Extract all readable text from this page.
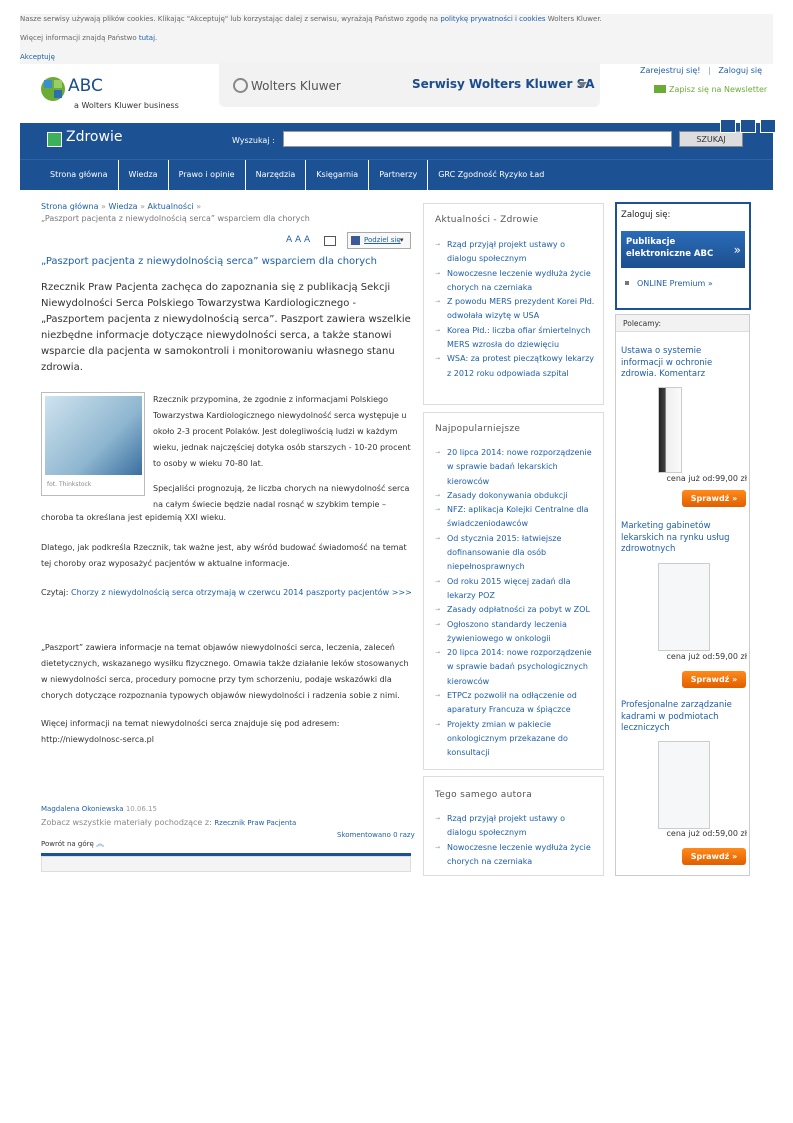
Nasze serwisy używają plików cookies. Klikając "Akceptuję" lub korzystając dalej z serwisu, wyrażają Państwo zgodę na politykę prywatności i cookies Wolters Kluwer.

Więcej informacji znajdą Państwo tutaj.

Akceptuję

ABC
a Wolters Kluwer business
Wolters Kluwer	Serwisy Wolters Kluwer SA
Zarejestruj się! | Zaloguj się
Zapisz się na Newsletter
Zdrowie	Wyszukaj :	SZUKAJ
Strona główna	Wiedza	Prawo i opinie	Narzędzia	Księgarnia	Partnerzy	GRC Zgodność Ryzyko Ład
Strona główna » Wiedza » Aktualności »
„Paszport pacjenta z niewydolnością serca” wsparciem dla chorych
A A A	Podziel się ▾
„Paszport pacjenta z niewydolnością serca” wsparciem dla chorych
Rzecznik Praw Pacjenta zachęca do zapoznania się z publikacją Sekcji Niewydolności Serca Polskiego Towarzystwa Kardiologicznego - „Paszportem pacjenta z niewydolnością serca”. Paszport zawiera wszelkie niezbędne informacje dotyczące niewydolności serca, a także stanowi wsparcie dla pacjenta w samokontroli i monitorowaniu własnego stanu zdrowia.
fot. Thinkstock

Rzecznik przypomina, że zgodnie z informacjami Polskiego Towarzystwa Kardiologicznego niewydolność serca występuje u około 2-3 procent Polaków. Jest dolegliwością ludzi w każdym wieku, jednak najczęściej dotyka osób starszych - 10-20 procent to osoby w wieku 70-80 lat.

Specjaliści prognozują, że liczba chorych na niewydolność serca na całym świecie będzie nadal rosnąć w szybkim tempie –

choroba ta określana jest epidemią XXI wieku.

Dlatego, jak podkreśla Rzecznik, tak ważne jest, aby wśród budować świadomość na temat tej choroby oraz wyposażyć pacjentów w aktualne informacje.

Czytaj: Chorzy z niewydolnością serca otrzymają w czerwcu 2014 paszporty pacjentów >>>

„Paszport” zawiera informacje na temat objawów niewydolności serca, leczenia, zaleceń dietetycznych, wskazanego wysiłku fizycznego. Omawia także działanie leków stosowanych w niewydolności serca, procedury pomocne przy tym schorzeniu, podaje wskazówki dla chorych dotyczące rozpoznania typowych objawów niewydolności i radzenia sobie z nimi.

Więcej informacji na temat niewydolności serca znajduje się pod adresem:

http://niewydolnosc-serca.pl
Magdalena Okoniewska 10.06.15
Zobacz wszystkie materiały pochodzące z: Rzecznik Praw Pacjenta
Skomentowano 0 razy
Powrót na górę ︽
Aktualności - Zdrowie
→ Rząd przyjął projekt ustawy o dialogu społecznym
→ Nowoczesne leczenie wydłuża życie chorych na czerniaka
→ Z powodu MERS prezydent Korei Płd. odwołała wizytę w USA
→ Korea Płd.: liczba ofiar śmiertelnych MERS wzrosła do dziewięciu
→ WSA: za protest pieczątkowy lekarzy z 2012 roku odpowiada szpital
Najpopularniejsze
→ 20 lipca 2014: nowe rozporządzenie w sprawie badań lekarskich kierowców
→ Zasady dokonywania obdukcji
→ NFZ: aplikacja Kolejki Centralne dla świadczeniodawców
→ Od stycznia 2015: łatwiejsze dofinansowanie dla osób niepełnosprawnych
→ Od roku 2015 więcej zadań dla lekarzy POZ
→ Zasady odpłatności za pobyt w ZOL
→ Ogłoszono standardy leczenia żywieniowego w onkologii
→ 20 lipca 2014: nowe rozporządzenie w sprawie badań psychologicznych kierowców
→ ETPCz pozwolił na odłączenie od aparatury Francuza w śpiączce
→ Projekty zmian w pakiecie onkologicznym przekazane do konsultacji
Tego samego autora
→ Rząd przyjął projekt ustawy o dialogu społecznym
→ Nowoczesne leczenie wydłuża życie chorych na czerniaka
Zaloguj się:
Publikacje
elektroniczne ABC »
ONLINE Premium »
Polecamy:
Ustawa o systemie informacji w ochronie zdrowia. Komentarz
cena już od:99,00 zł
Sprawdź »
Marketing gabinetów lekarskich na rynku usług zdrowotnych
cena już od:59,00 zł
Sprawdź »
Profesjonalne zarządzanie kadrami w podmiotach leczniczych
cena już od:59,00 zł
Sprawdź »
